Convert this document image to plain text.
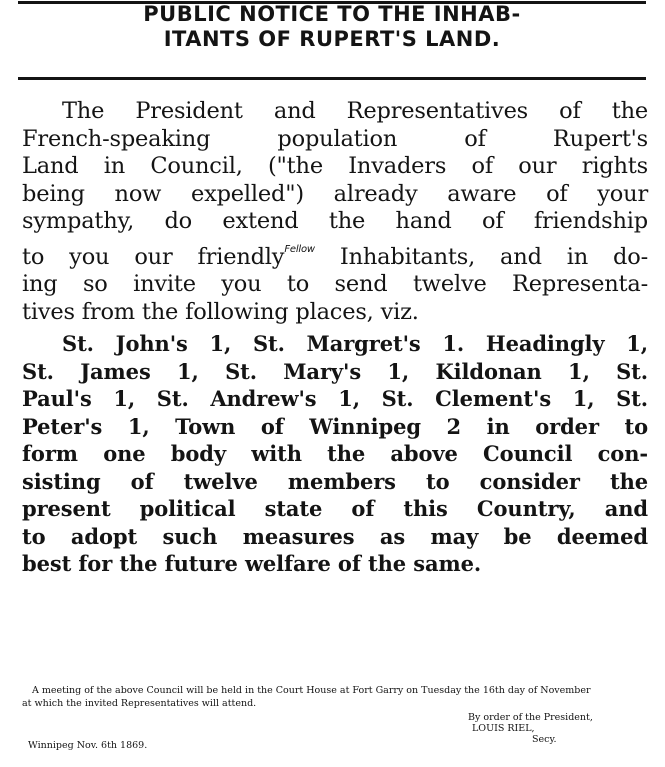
PUBLIC NOTICE TO THE INHAB-
ITANTS OF RUPERT'S LAND.
The President and Representatives of the
French-speaking population of Rupert's
Land in Council, ("the Invaders of our rights
being now expelled") already aware of your
sympathy, do extend the hand of friendship
to you our friendly$^{Fellow}$ Inhabitants, and in do-
ing so invite you to send twelve Representa-
tives from the following places, viz.
St. John's 1, St. Margret's 1. Headingly 1,
St. James 1, St. Mary's 1, Kildonan 1, St.
Paul's 1, St. Andrew's 1, St. Clement's 1, St.
Peter's 1, Town of Winnipeg 2 in order to
form one body with the above Council con-
sisting of twelve members to consider the
present political state of this Country, and
to adopt such measures as may be deemed
best for the future welfare of the same.
A meeting of the above Council will be held in the Court House at Fort Garry on Tuesday the 16th day of November
at which the invited Representatives will attend.
By order of the President,
LOUIS RIEL,
Secy.
Winnipeg Nov. 6th 1869.
